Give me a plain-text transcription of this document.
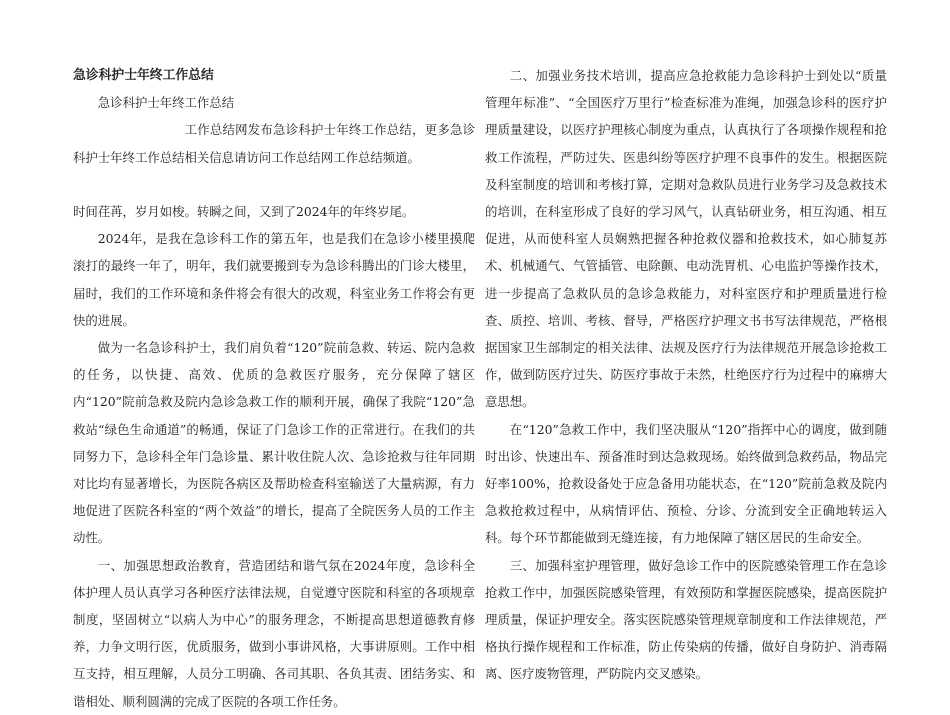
急诊科护士年终工作总结

急诊科护士年终工作总结

工作总结网发布急诊科护士年终工作总结，更多急诊科护士年终工作总结相关信息请访问工作总结网工作总结频道。

时间荏苒，岁月如梭。转瞬之间，又到了2024年的年终岁尾。

2024年，是我在急诊科工作的第五年，也是我们在急诊小楼里摸爬滚打的最终一年了，明年，我们就要搬到专为急诊科腾出的门诊大楼里，届时，我们的工作环境和条件将会有很大的改观，科室业务工作将会有更快的进展。

做为一名急诊科护士，我们肩负着“120”院前急救、转运、院内急救的任务，以快捷、高效、优质的急救医疗服务，充分保障了辖区内“120”院前急救及院内急诊急救工作的顺利开展，确保了我院“120”急救站“绿色生命通道”的畅通，保证了门急诊工作的正常进行。在我们的共同努力下，急诊科全年门急诊量、累计收住院人次、急诊抢救与往年同期对比均有显著增长，为医院各病区及帮助检查科室输送了大量病源，有力地促进了医院各科室的“两个效益”的增长，提高了全院医务人员的工作主动性。

一、加强思想政治教育，营造团结和谐气氛在2024年度，急诊科全体护理人员认真学习各种医疗法律法规，自觉遵守医院和科室的各项规章制度，坚固树立“以病人为中心”的服务理念，不断提高思想道德教育修养，力争文明行医，优质服务，做到小事讲风格，大事讲原则。工作中相互支持，相互理解，人员分工明确、各司其职、各负其责、团结务实、和谐相处、顺利圆满的完成了医院的各项工作任务。

二、加强业务技术培训，提高应急抢救能力急诊科护士到处以“质量管理年标准”、“全国医疗万里行”检查标准为准绳，加强急诊科的医疗护理质量建设，以医疗护理核心制度为重点，认真执行了各项操作规程和抢救工作流程，严防过失、医患纠纷等医疗护理不良事件的发生。根据医院及科室制度的培训和考核打算，定期对急救队员进行业务学习及急救技术的培训，在科室形成了良好的学习风气，认真钻研业务，相互沟通、相互促进，从而使科室人员娴熟把握各种抢救仪器和抢救技术，如心肺复苏术、机械通气、气管插管、电除颤、电动洗胃机、心电监护等操作技术，进一步提高了急救队员的急诊急救能力，对科室医疗和护理质量进行检查、质控、培训、考核、督导，严格医疗护理文书书写法律规范，严格根据国家卫生部制定的相关法律、法规及医疗行为法律规范开展急诊抢救工作，做到防医疗过失、防医疗事故于未然，杜绝医疗行为过程中的麻痹大意思想。

在“120”急救工作中，我们坚决服从“120”指挥中心的调度，做到随时出诊、快速出车、预备准时到达急救现场。始终做到急救药品，物品完好率100%，抢救设备处于应急备用功能状态，在“120”院前急救及院内急救抢救过程中，从病情评估、预检、分诊、分流到安全正确地转运入科。每个环节都能做到无缝连接，有力地保障了辖区居民的生命安全。

三、加强科室护理管理，做好急诊工作中的医院感染管理工作在急诊抢救工作中，加强医院感染管理，有效预防和掌握医院感染，提高医院护理质量，保证护理安全。落实医院感染管理规章制度和工作法律规范，严格执行操作规程和工作标准，防止传染病的传播，做好自身防护、消毒隔离、医疗废物管理，严防院内交叉感染。
